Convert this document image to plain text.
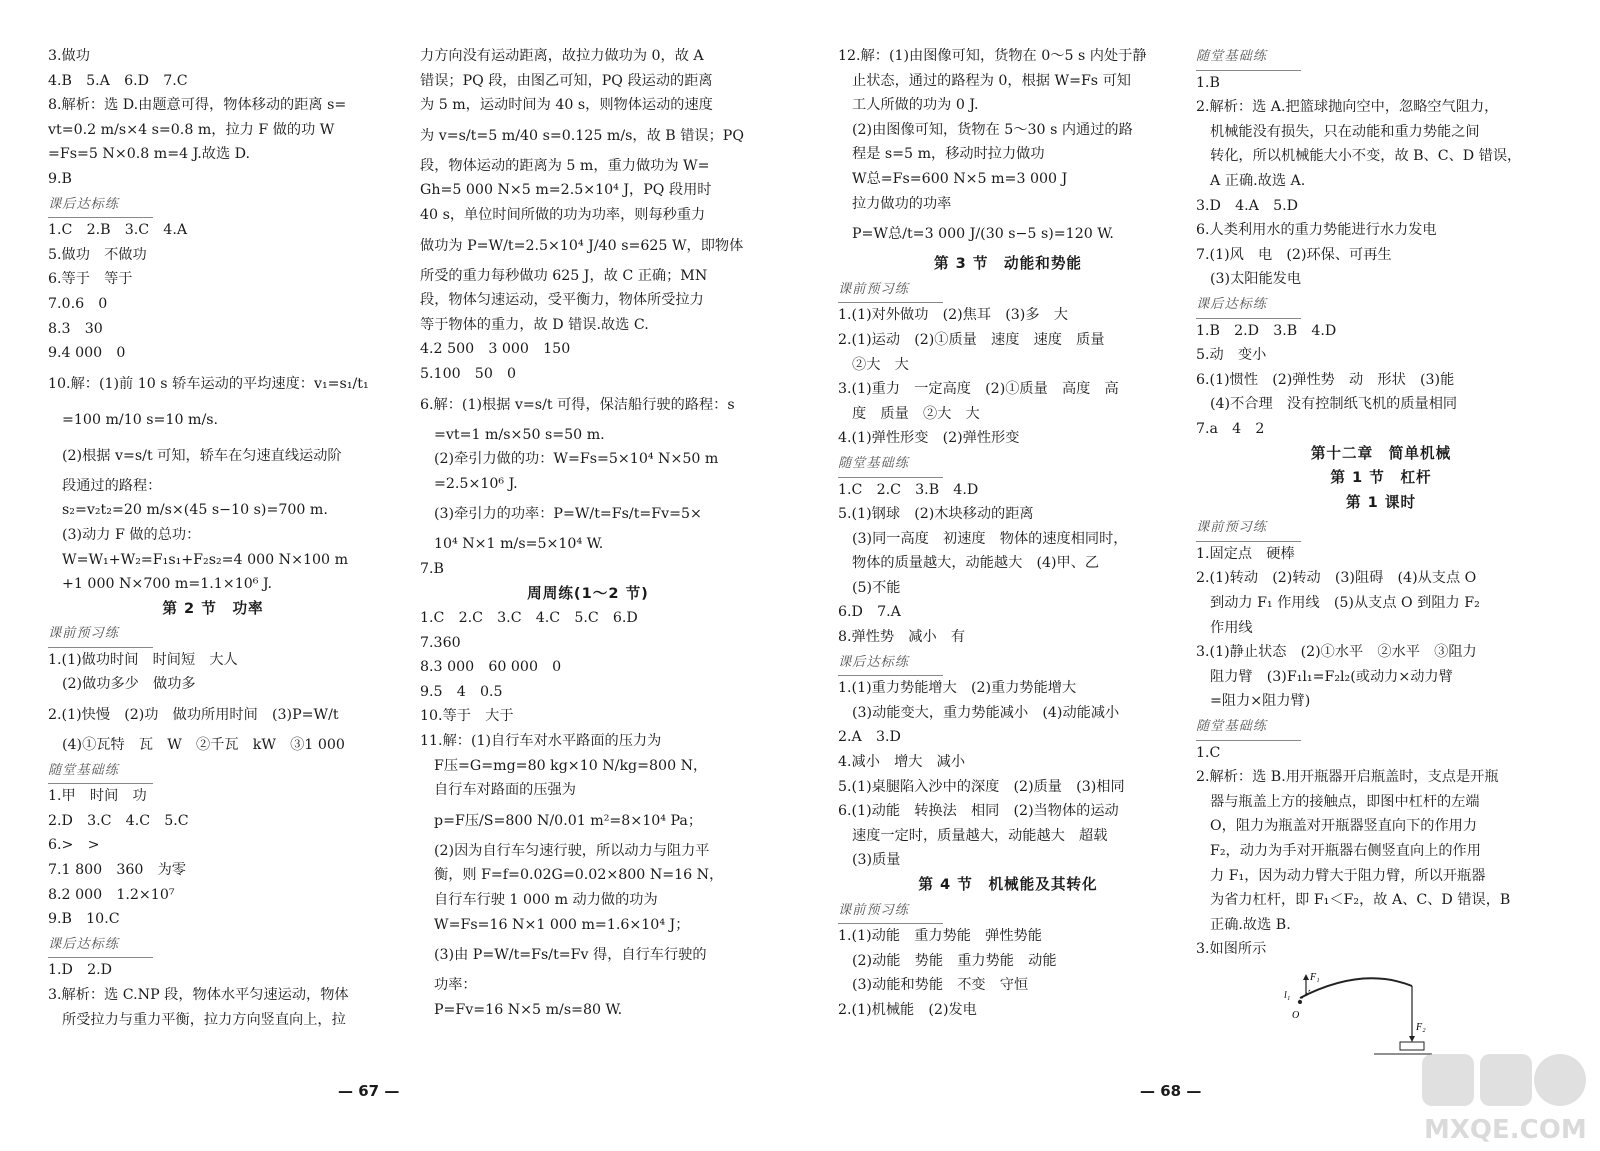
3.做功
4.B　5.A　6.D　7.C
8.解析：选 D.由题意可得，物体移动的距离 s=
vt=0.2 m/s×4 s=0.8 m，拉力 F 做的功 W
=Fs=5 N×0.8 m=4 J.故选 D.
9.B
课后达标练
1.C　2.B　3.C　4.A
5.做功　不做功
6.等于　等于
7.0.6　0
8.3　30
9.4 000　0
10.解：(1)前 10 s 轿车运动的平均速度：v₁=s₁/t₁
=100 m/10 s=10 m/s.
(2)根据 v=s/t 可知，轿车在匀速直线运动阶
段通过的路程：
s₂=v₂t₂=20 m/s×(45 s−10 s)=700 m.
(3)动力 F 做的总功：
W=W₁+W₂=F₁s₁+F₂s₂=4 000 N×100 m
+1 000 N×700 m=1.1×10⁶ J.
第 2 节　功率
课前预习练
1.(1)做功时间　时间短　大人
(2)做功多少　做功多
2.(1)快慢　(2)功　做功所用时间　(3)P=W/t
(4)①瓦特　瓦　W　②千瓦　kW　③1 000
随堂基础练
1.甲　时间　功
2.D　3.C　4.C　5.C
6.>　>
7.1 800　360　为零
8.2 000　1.2×10⁷
9.B　10.C
课后达标练
1.D　2.D
3.解析：选 C.NP 段，物体水平匀速运动，物体
所受拉力与重力平衡，拉力方向竖直向上，拉
力方向没有运动距离，故拉力做功为 0，故 A
错误；PQ 段，由图乙可知，PQ 段运动的距离
为 5 m，运动时间为 40 s，则物体运动的速度
为 v=s/t=5 m/40 s=0.125 m/s，故 B 错误；PQ
段，物体运动的距离为 5 m，重力做功为 W=
Gh=5 000 N×5 m=2.5×10⁴ J，PQ 段用时
40 s，单位时间所做的功为功率，则每秒重力
做功为 P=W/t=2.5×10⁴ J/40 s=625 W，即物体
所受的重力每秒做功 625 J，故 C 正确；MN
段，物体匀速运动，受平衡力，物体所受拉力
等于物体的重力，故 D 错误.故选 C.
4.2 500　3 000　150
5.100　50　0
6.解：(1)根据 v=s/t 可得，保洁船行驶的路程：s
=vt=1 m/s×50 s=50 m.
(2)牵引力做的功：W=Fs=5×10⁴ N×50 m
=2.5×10⁶ J.
(3)牵引力的功率：P=W/t=Fs/t=Fv=5×
10⁴ N×1 m/s=5×10⁴ W.
7.B
周周练(1～2 节)
1.C　2.C　3.C　4.C　5.C　6.D
7.360
8.3 000　60 000　0
9.5　4　0.5
10.等于　大于
11.解：(1)自行车对水平路面的压力为
F压=G=mg=80 kg×10 N/kg=800 N，
自行车对路面的压强为
p=F压/S=800 N/0.01 m²=8×10⁴ Pa；
(2)因为自行车匀速行驶，所以动力与阻力平
衡，则 F=f=0.02G=0.02×800 N=16 N，
自行车行驶 1 000 m 动力做的功为
W=Fs=16 N×1 000 m=1.6×10⁴ J；
(3)由 P=W/t=Fs/t=Fv 得，自行车行驶的
功率：
P=Fv=16 N×5 m/s=80 W.
12.解：(1)由图像可知，货物在 0～5 s 内处于静
止状态，通过的路程为 0，根据 W=Fs 可知
工人所做的功为 0 J.
(2)由图像可知，货物在 5～30 s 内通过的路
程是 s=5 m，移动时拉力做功
W总=Fs=600 N×5 m=3 000 J
拉力做功的功率
P=W总/t=3 000 J/(30 s−5 s)=120 W.
第 3 节　动能和势能
课前预习练
1.(1)对外做功　(2)焦耳　(3)多　大
2.(1)运动　(2)①质量　速度　速度　质量
②大　大
3.(1)重力　一定高度　(2)①质量　高度　高
度　质量　②大　大
4.(1)弹性形变　(2)弹性形变
随堂基础练
1.C　2.C　3.B　4.D
5.(1)钢球　(2)木块移动的距离
(3)同一高度　初速度　物体的速度相同时，
物体的质量越大，动能越大　(4)甲、乙
(5)不能
6.D　7.A
8.弹性势　减小　有
课后达标练
1.(1)重力势能增大　(2)重力势能增大
(3)动能变大，重力势能减小　(4)动能减小
2.A　3.D
4.减小　增大　减小
5.(1)桌腿陷入沙中的深度　(2)质量　(3)相同
6.(1)动能　转换法　相同　(2)当物体的运动
速度一定时，质量越大，动能越大　超载
(3)质量
第 4 节　机械能及其转化
课前预习练
1.(1)动能　重力势能　弹性势能
(2)动能　势能　重力势能　动能
(3)动能和势能　不变　守恒
2.(1)机械能　(2)发电
随堂基础练
1.B
2.解析：选 A.把篮球抛向空中，忽略空气阻力，
机械能没有损失，只在动能和重力势能之间
转化，所以机械能大小不变，故 B、C、D 错误，
A 正确.故选 A.
3.D　4.A　5.D
6.人类利用水的重力势能进行水力发电
7.(1)风　电　(2)环保、可再生
(3)太阳能发电
课后达标练
1.B　2.D　3.B　4.D
5.动　变小
6.(1)惯性　(2)弹性势　动　形状　(3)能
(4)不合理　没有控制纸飞机的质量相同
7.a　4　2
第十二章　简单机械
第 1 节　杠杆
第 1 课时
课前预习练
1.固定点　硬棒
2.(1)转动　(2)转动　(3)阻碍　(4)从支点 O
到动力 F₁ 作用线　(5)从支点 O 到阻力 F₂
作用线
3.(1)静止状态　(2)①水平　②水平　③阻力
阻力臂　(3)F₁l₁=F₂l₂(或动力×动力臂
=阻力×阻力臂)
随堂基础练
1.C
2.解析：选 B.用开瓶器开启瓶盖时，支点是开瓶
器与瓶盖上方的接触点，即图中杠杆的左端
O，阻力为瓶盖对开瓶器竖直向下的作用力
F₂，动力为手对开瓶器右侧竖直向上的作用
力 F₁，因为动力臂大于阻力臂，所以开瓶器
为省力杠杆，即 F₁＜F₂，故 A、C、D 错误，B
正确.故选 B.
3.如图所示
F₁
F₂
l₁
O
— 67 —	— 68 —
MXQE.COM
